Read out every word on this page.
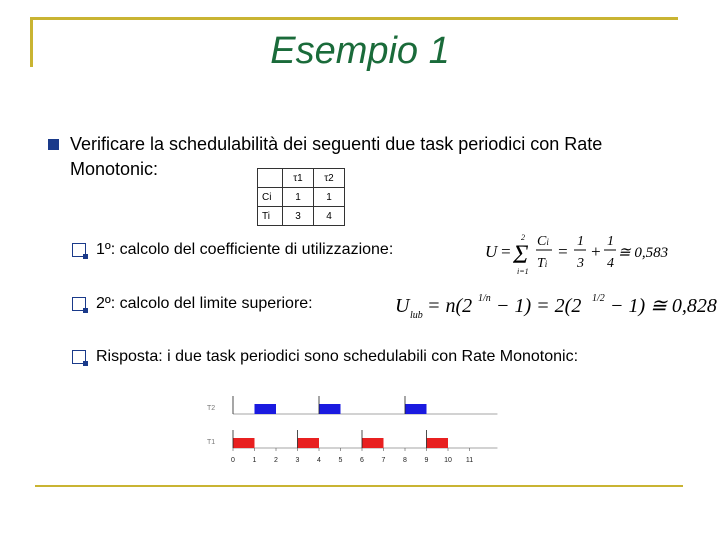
Esempio 1
Verificare la schedulabilità dei seguenti due task periodici con Rate Monotonic:
		τ1	τ2
Ci	1	1
Ti	3	4
1º: calcolo del coefficiente di utilizzazione:	U =
2
Σ
i=1
Ci
Ti
=
1
3
+
1
4
≅ 0,583
2º: calcolo del limite superiore:	U lub = n(2 1/n − 1) = 2(2 1/2 − 1) ≅ 0,828
Risposta: i due task periodici sono schedulabili con Rate Monotonic:
T2
T1
0	1	2	3	4	5	6	7	8	9 10 11
